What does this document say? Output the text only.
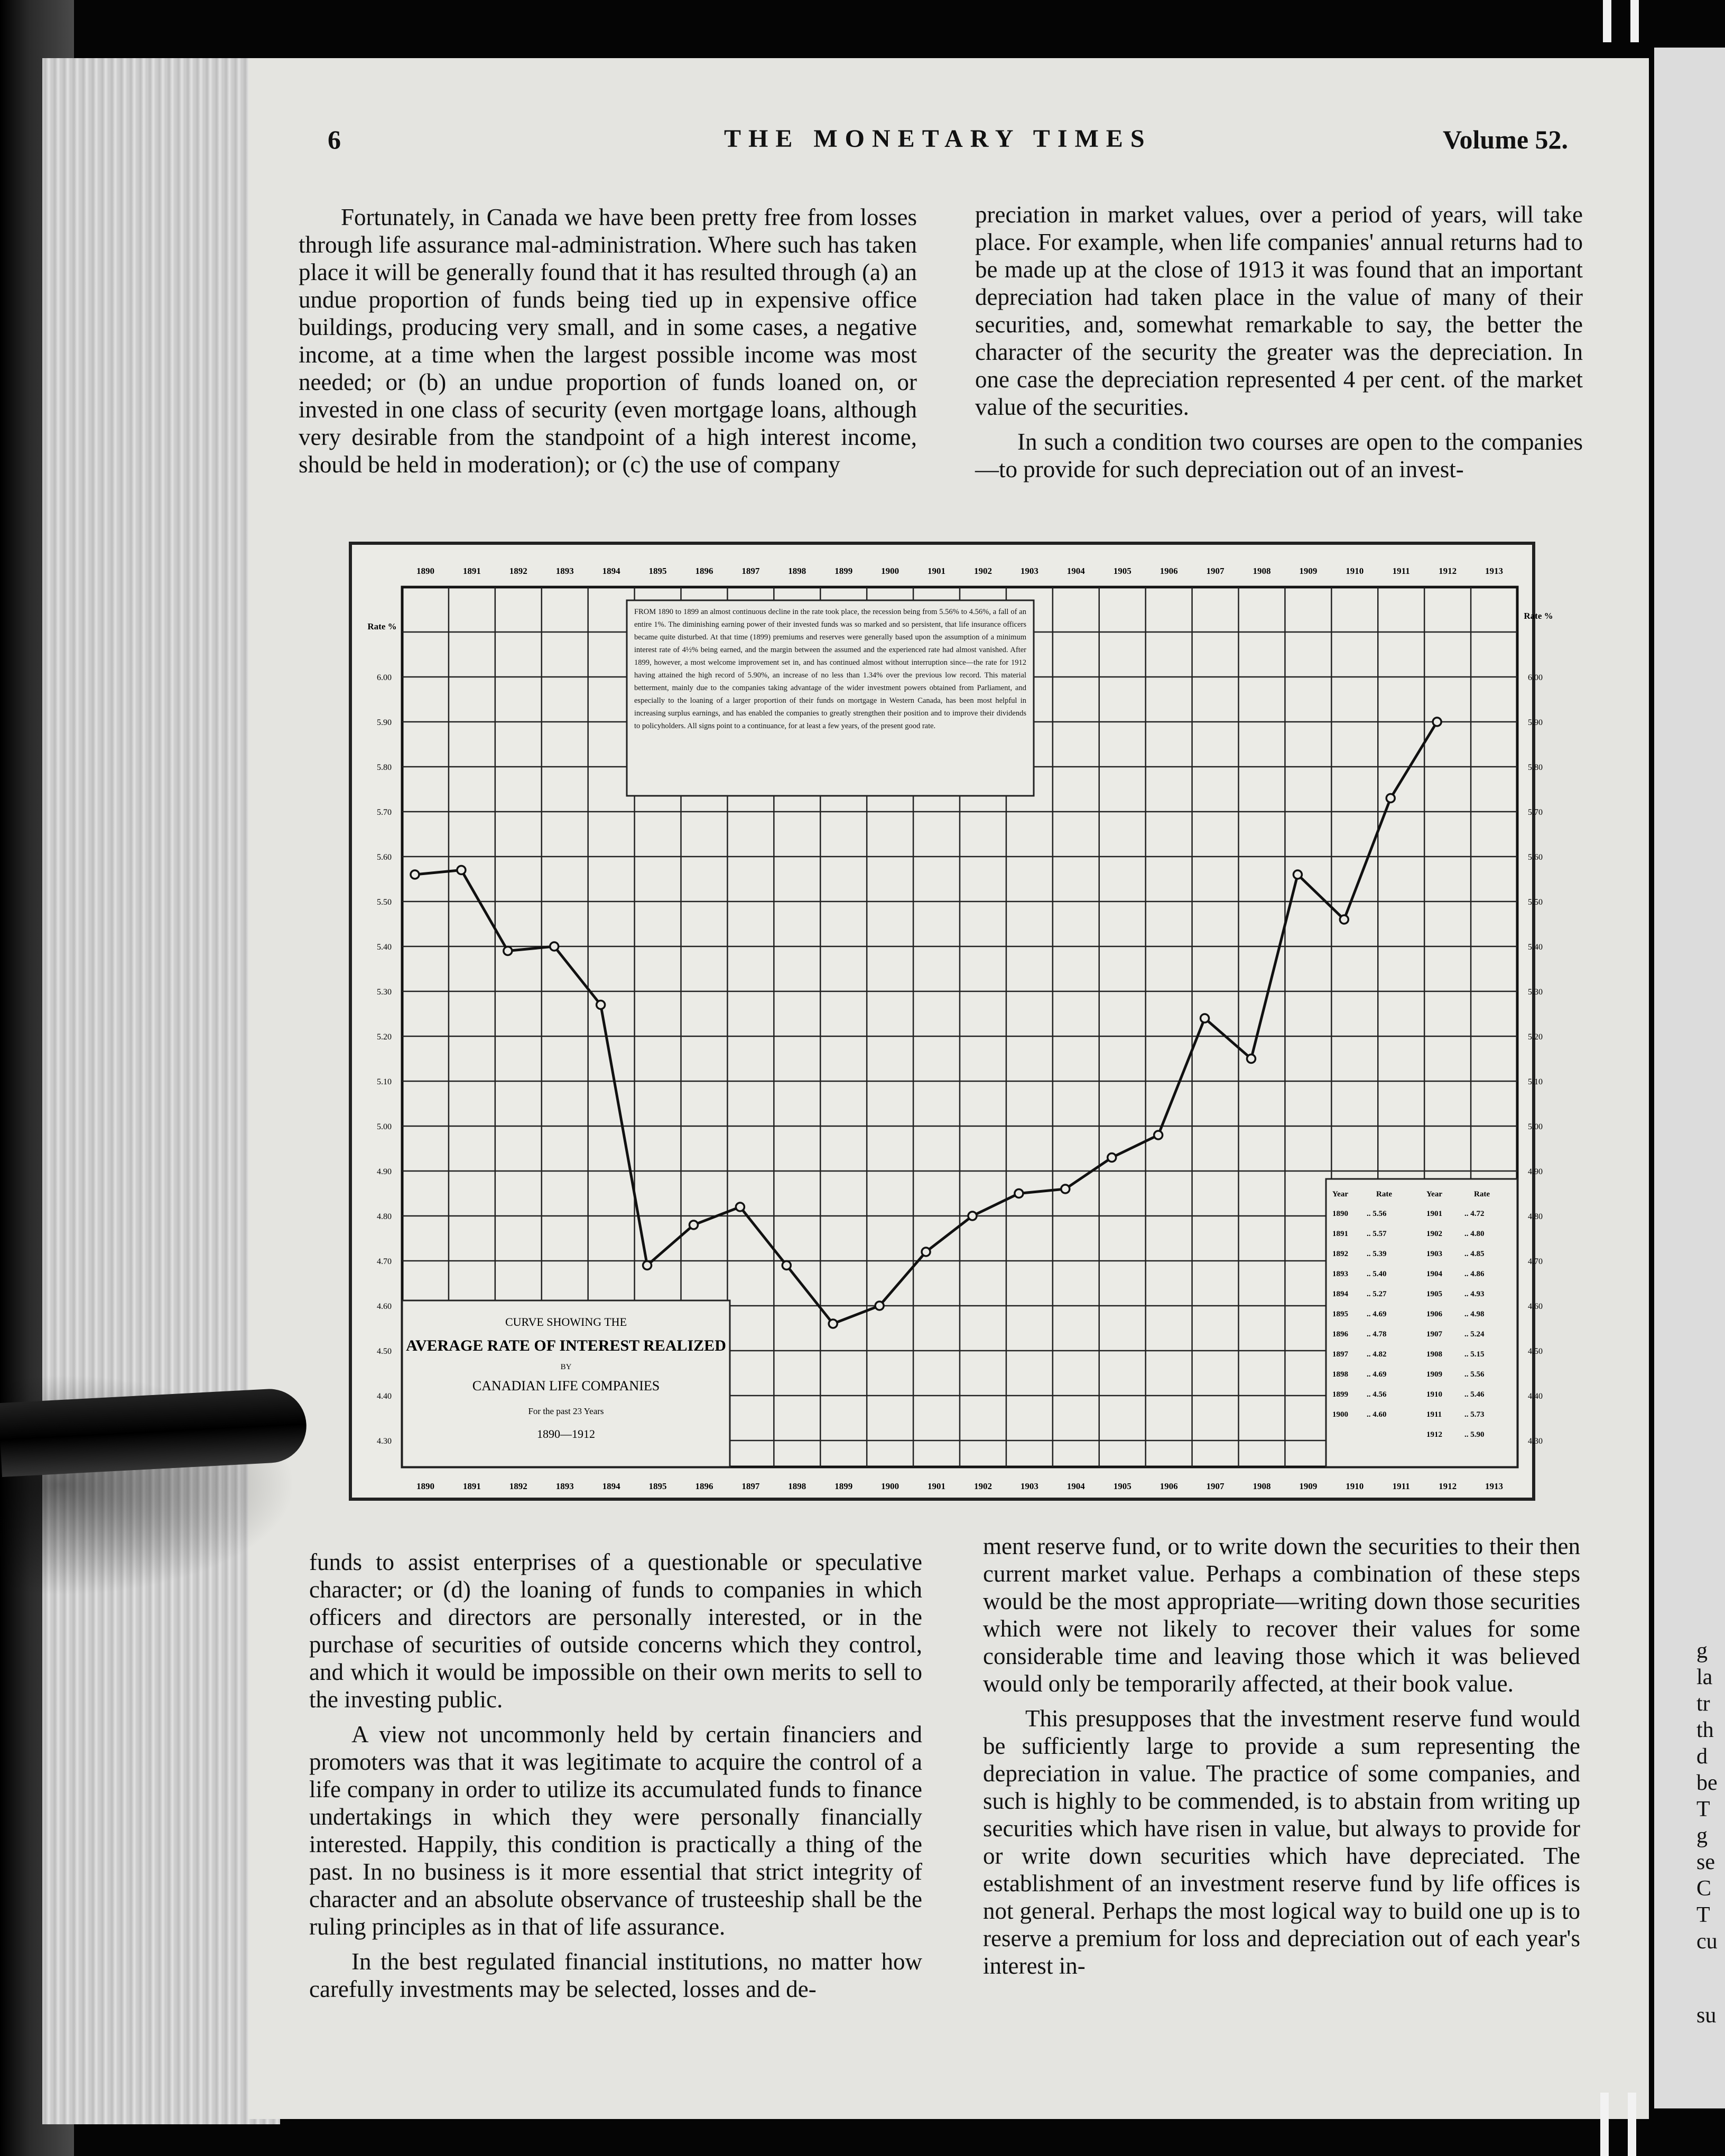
g
la
tr
th
d
be
T
g
se
C
T
cu
su
6	THE MONETARY TIMES	Volume 52.

Fortunately, in Canada we have been pretty free from losses through life assurance mal-administration. Where such has taken place it will be generally found that it has resulted through (a) an undue proportion of funds being tied up in expensive office buildings, producing very small, and in some cases, a negative income, at a time when the largest possible income was most needed; or (b) an undue proportion of funds loaned on, or invested in one class of security (even mortgage loans, although very desirable from the standpoint of a high interest income, should be held in moderation); or (c) the use of company

preciation in market values, over a period of years, will take place. For example, when life companies' annual returns had to be made up at the close of 1913 it was found that an important depreciation had taken place in the value of many of their securities, and, somewhat remarkable to say, the better the character of the security the greater was the depreciation. In one case the depreciation represented 4 per cent. of the market value of the securities.

In such a condition two courses are open to the companies—to provide for such depreciation out of an invest-

1890
1890
1891
1891
1892
1892
1893
1893
1894
1894
1895
1895
1896
1896
1897
1897
1898
1898
1899
1899
1900
1900
1901
1901
1902
1902
1903
1903
1904
1904
1905
1905
1906
1906
1907
1907
1908
1908
1909
1909
1910
1910
1911
1911
1912
1912
1913
1913
6.00	6.00
5.90	5.90
5.80	5.80
5.70	5.70
5.60	5.60
5.50	5.50
5.40	5.40
5.30	5.30
5.20	5.20
5.10	5.10
5.00	5.00
4.90	4.90
4.80	4.80
4.70	4.70
4.60	4.60
4.50	4.50
4.40	4.40
4.30	4.30
Rate %
Rate %
FROM 1890 to 1899 an almost continuous decline in the rate took place, the recession being from 5.56% to 4.56%, a fall of an entire 1%. The diminishing earning power of their invested funds was so marked and so persistent, that life insurance officers became quite disturbed. At that time (1899) premiums and reserves were generally based upon the assumption of a minimum interest rate of 4½% being earned, and the margin between the assumed and the experienced rate had almost vanished. After 1899, however, a most welcome improvement set in, and has continued almost without interruption since—the rate for 1912 having attained the high record of 5.90%, an increase of no less than 1.34% over the previous low record. This material betterment, mainly due to the companies taking advantage of the wider investment powers obtained from Parliament, and especially to the loaning of a larger proportion of their funds on mortgage in Western Canada, has been most helpful in increasing surplus earnings, and has enabled the companies to greatly strengthen their position and to improve their dividends to policyholders. All signs point to a continuance, for at least a few years, of the present good rate.
CURVE SHOWING THE
AVERAGE RATE OF INTEREST REALIZED
BY
CANADIAN LIFE COMPANIES
For the past 23 Years
1890—1912
Year	Rate	Year	Rate
1890 .. 5.56	1901	.. 4.72
1891 .. 5.57	1902	.. 4.80
1892 .. 5.39	1903	.. 4.85
1893 .. 5.40	1904	.. 4.86
1894 .. 5.27	1905	.. 4.93
1895 .. 4.69	1906	.. 4.98
1896 .. 4.78	1907	.. 5.24
1897 .. 4.82	1908	.. 5.15
1898 .. 4.69	1909	.. 5.56
1899 .. 4.56	1910	.. 5.46
1900 .. 4.60	1911	.. 5.73
1912	.. 5.90

funds to assist enterprises of a questionable or speculative character; or (d) the loaning of funds to companies in which officers and directors are personally interested, or in the purchase of securities of outside concerns which they control, and which it would be impossible on their own merits to sell to the investing public.

A view not uncommonly held by certain financiers and promoters was that it was legitimate to acquire the control of a life company in order to utilize its accumulated funds to finance undertakings in which they were personally financially interested. Happily, this condition is practically a thing of the past. In no business is it more essential that strict integrity of character and an absolute observance of trusteeship shall be the ruling principles as in that of life assurance.

In the best regulated financial institutions, no matter how carefully investments may be selected, losses and de-

ment reserve fund, or to write down the securities to their then current market value. Perhaps a combination of these steps would be the most appropriate—writing down those securities which were not likely to recover their values for some considerable time and leaving those which it was believed would only be temporarily affected, at their book value.

This presupposes that the investment reserve fund would be sufficiently large to provide a sum representing the depreciation in value. The practice of some companies, and such is highly to be commended, is to abstain from writing up securities which have risen in value, but always to provide for or write down securities which have depreciated. The establishment of an investment reserve fund by life offices is not general. Perhaps the most logical way to build one up is to reserve a premium for loss and depreciation out of each year's interest in-
